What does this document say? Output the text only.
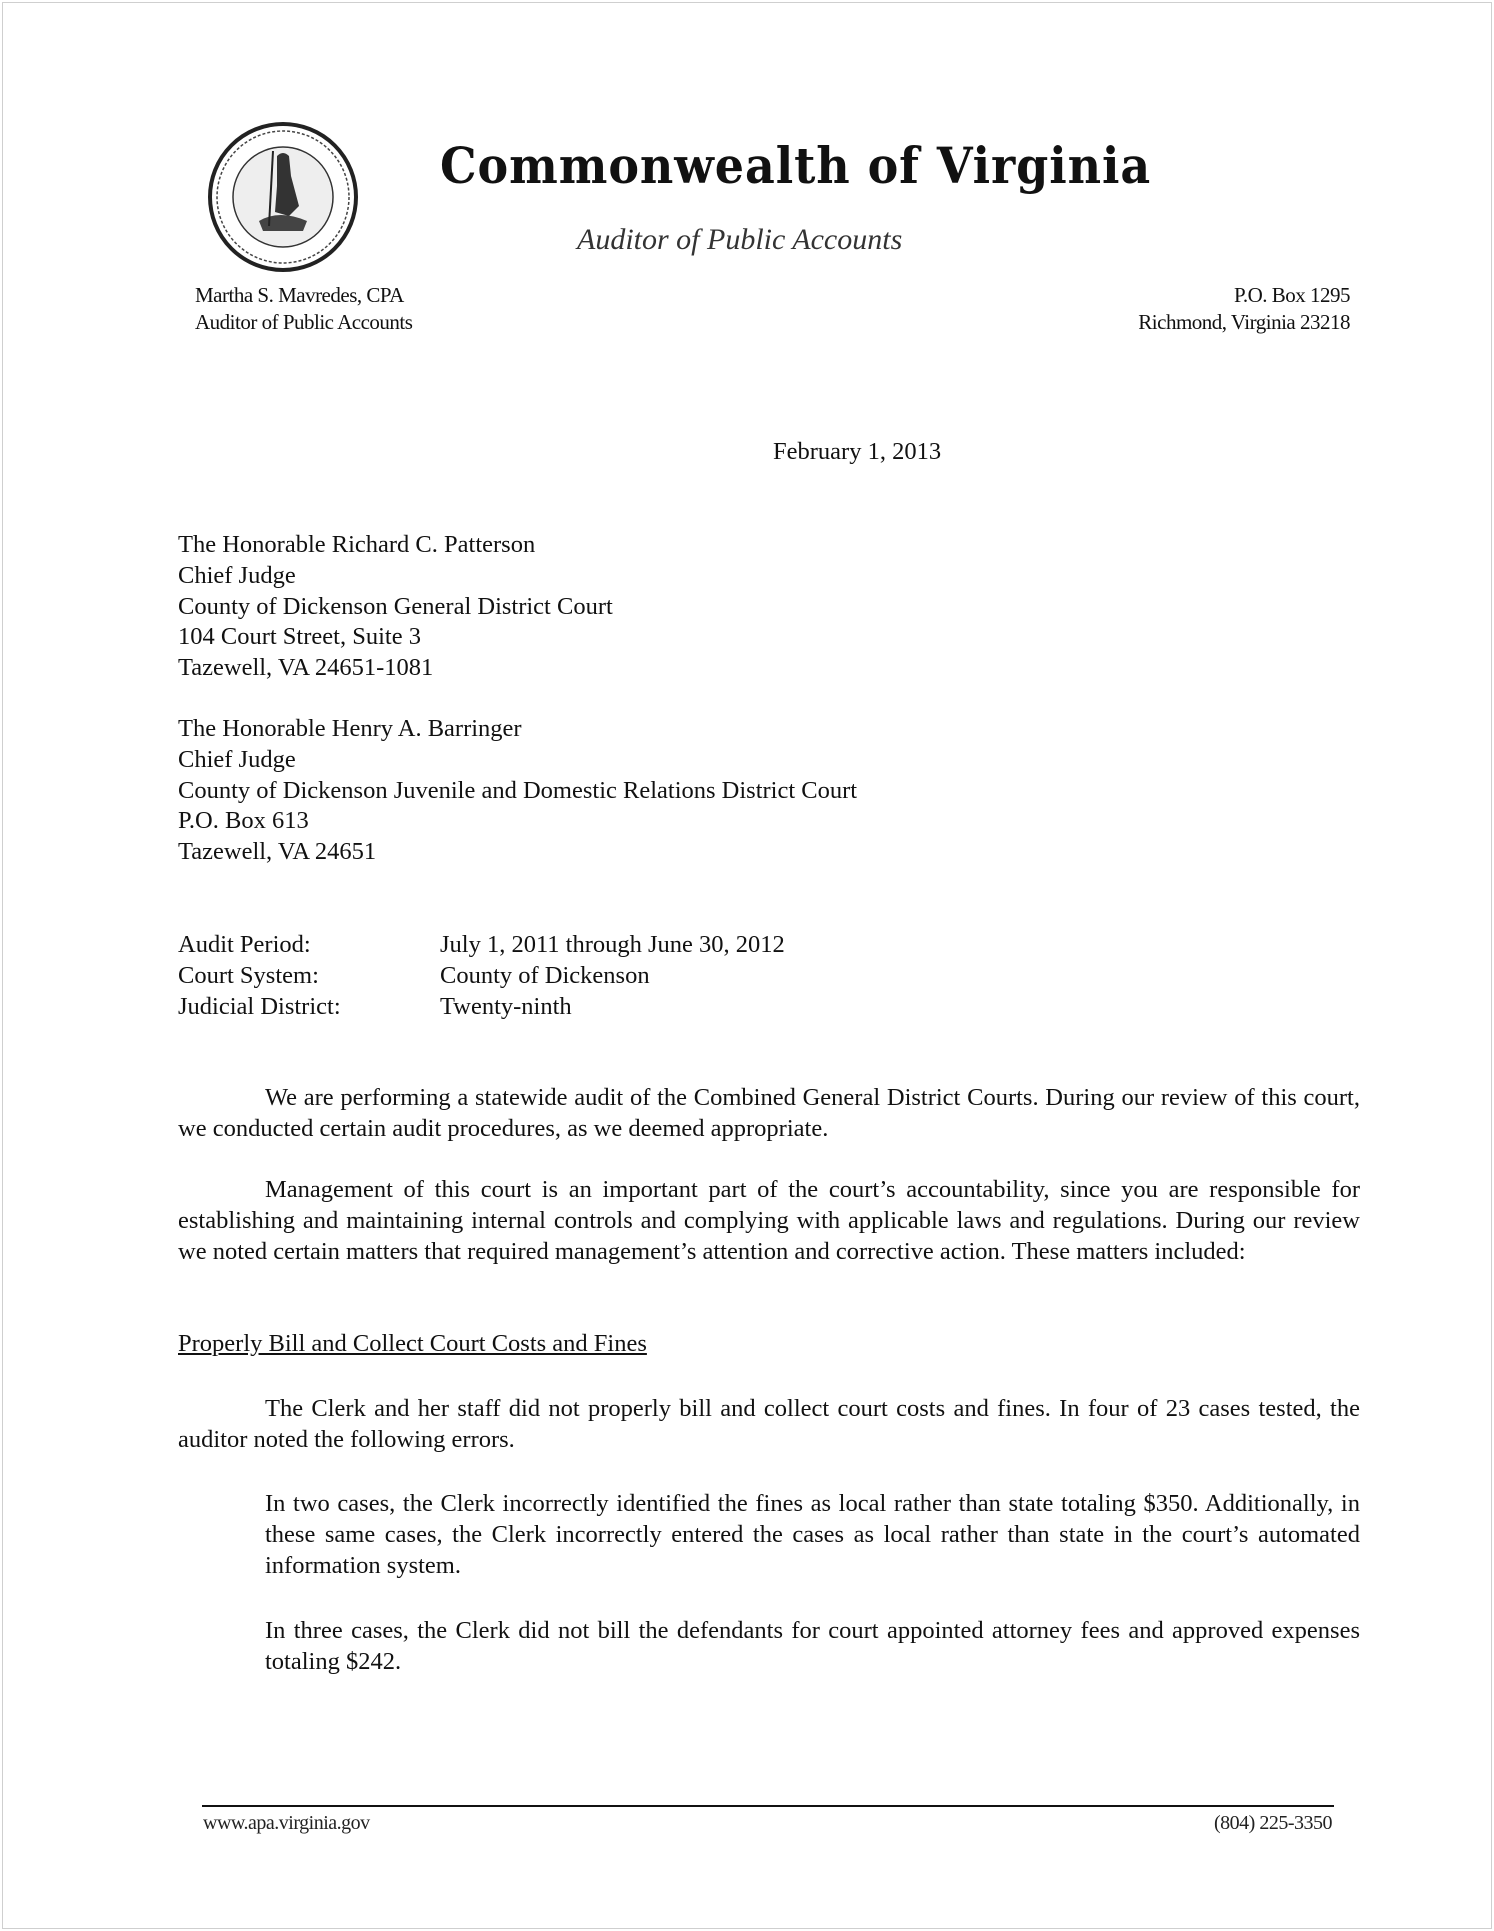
Commonwealth of Virginia
Auditor of Public Accounts
Martha S. Mavredes, CPA
Auditor of Public Accounts
P.O. Box 1295
Richmond, Virginia 23218
February 1, 2013
The Honorable Richard C. Patterson
Chief Judge
County of Dickenson General District Court
104 Court Street, Suite 3
Tazewell, VA 24651-1081
The Honorable Henry A. Barringer
Chief Judge
County of Dickenson Juvenile and Domestic Relations District Court
P.O. Box 613
Tazewell, VA 24651
Audit Period:	July 1, 2011 through June 30, 2012
Court System:	County of Dickenson
Judicial District:	Twenty-ninth
We are performing a statewide audit of the Combined General District Courts. During our review of this court, we conducted certain audit procedures, as we deemed appropriate.
Management of this court is an important part of the court’s accountability, since you are responsible for establishing and maintaining internal controls and complying with applicable laws and regulations. During our review we noted certain matters that required management’s attention and corrective action. These matters included:
Properly Bill and Collect Court Costs and Fines
The Clerk and her staff did not properly bill and collect court costs and fines. In four of 23 cases tested, the auditor noted the following errors.
In two cases, the Clerk incorrectly identified the fines as local rather than state totaling $350. Additionally, in these same cases, the Clerk incorrectly entered the cases as local rather than state in the court’s automated information system.
In three cases, the Clerk did not bill the defendants for court appointed attorney fees and approved expenses totaling $242.
www.apa.virginia.gov	(804) 225-3350
